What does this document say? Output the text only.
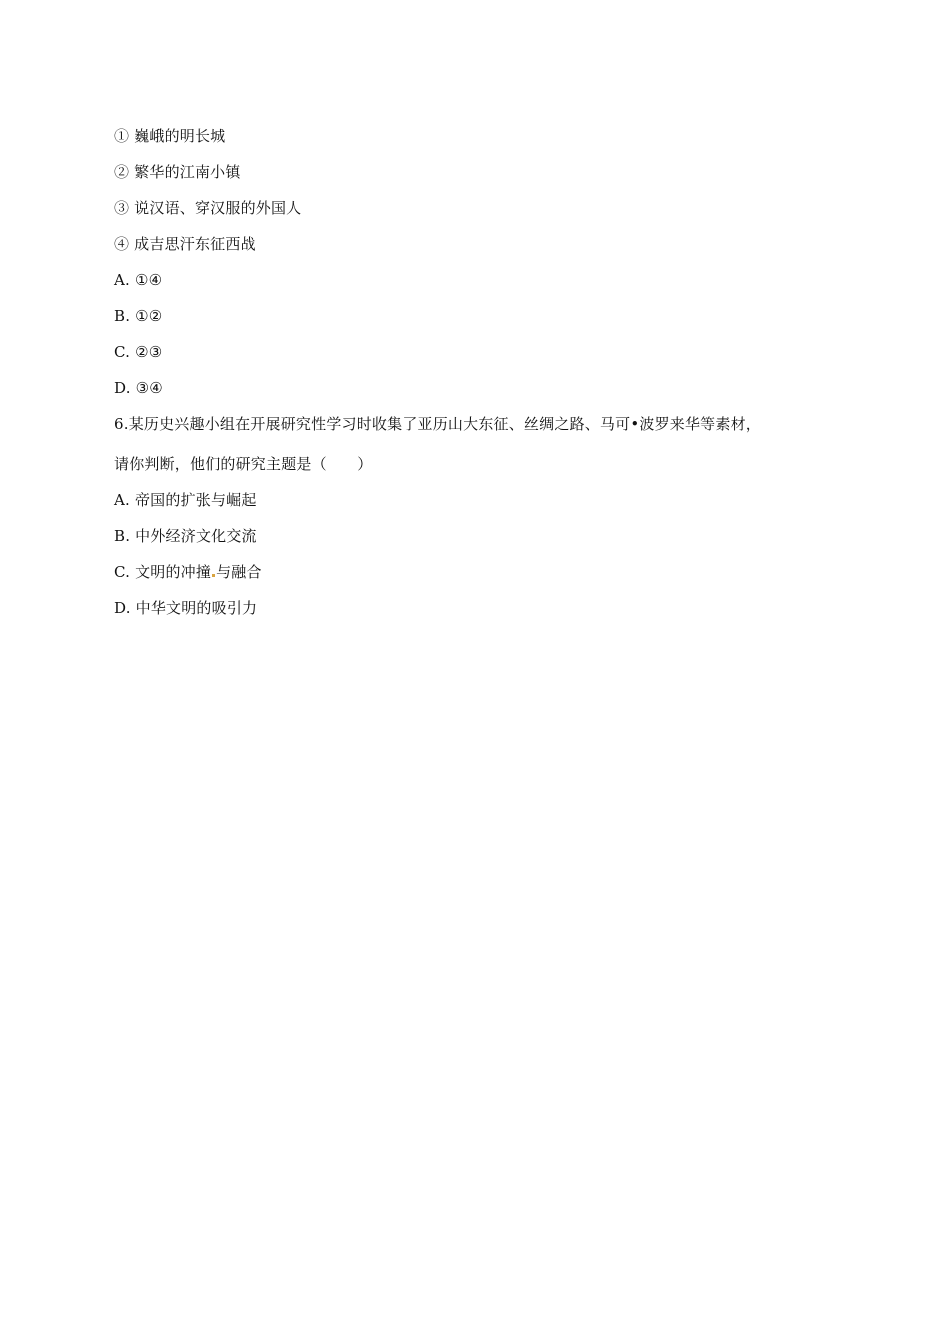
① 巍峨的明长城
② 繁华的江南小镇
③ 说汉语、穿汉服的外国人
④ 成吉思汗东征西战
A. ①④
B. ①②
C. ②③
D. ③④
6.某历史兴趣小组在开展研究性学习时收集了亚历山大东征、丝绸之路、马可•波罗来华等素材，
请你判断，他们的研究主题是（　　）
A. 帝国的扩张与崛起
B. 中外经济文化交流
C. 文明的冲撞 与融合
D. 中华文明的吸引力
